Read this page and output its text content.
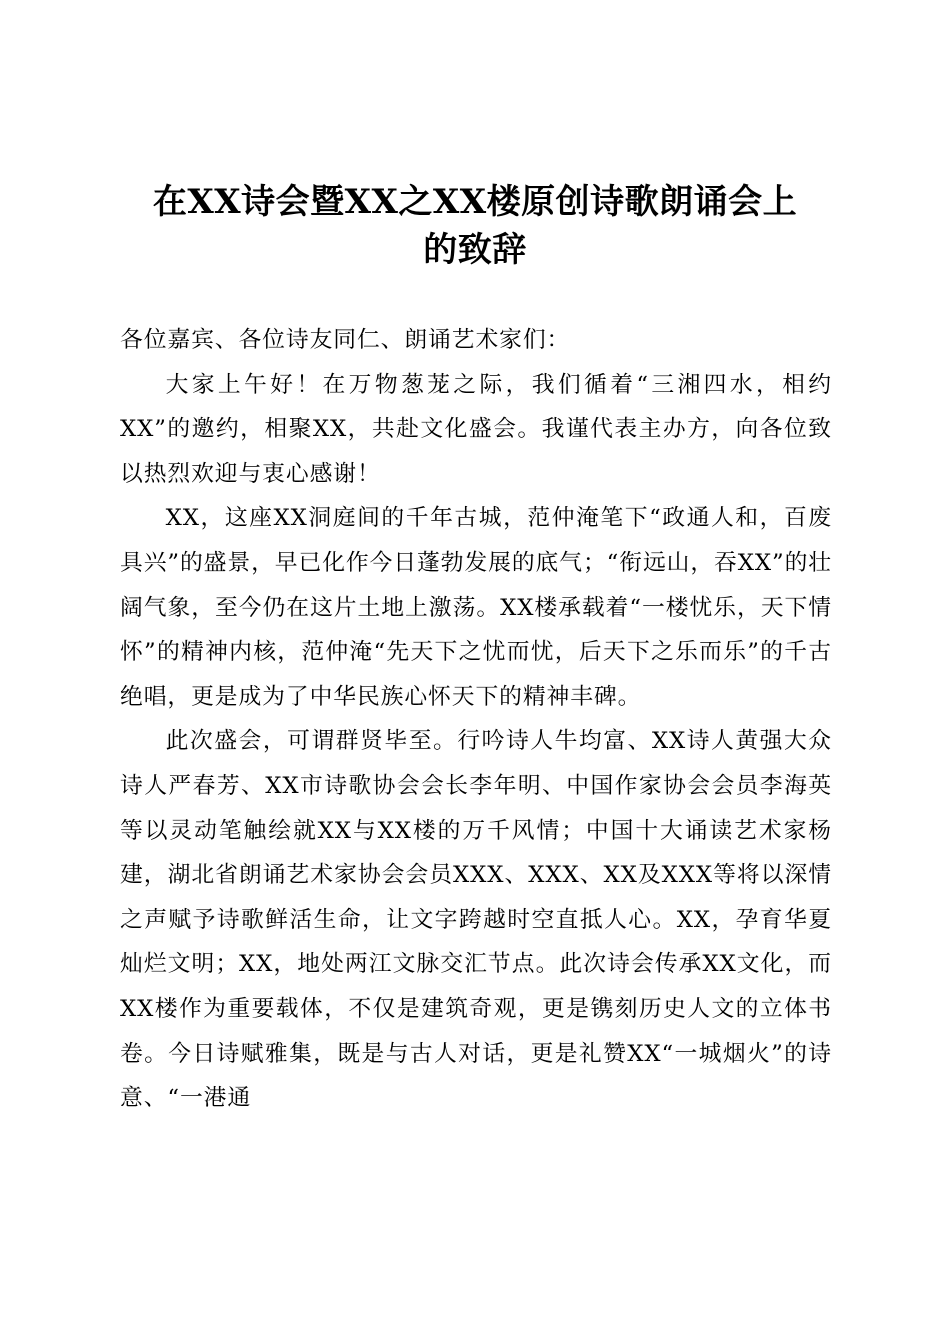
在XX诗会暨XX之XX楼原创诗歌朗诵会上
的致辞

各位嘉宾、各位诗友同仁、朗诵艺术家们：

大家上午好！在万物葱茏之际，我们循着“三湘四水，相约XX”的邀约，相聚XX，共赴文化盛会。我谨代表主办方，向各位致以热烈欢迎与衷心感谢！

XX，这座XX洞庭间的千年古城，范仲淹笔下“政通人和，百废具兴”的盛景，早已化作今日蓬勃发展的底气；“衔远山，吞XX”的壮阔气象，至今仍在这片土地上激荡。XX楼承载着“一楼忧乐，天下情怀”的精神内核，范仲淹“先天下之忧而忧，后天下之乐而乐”的千古绝唱，更是成为了中华民族心怀天下的精神丰碑。

此次盛会，可谓群贤毕至。行吟诗人牛均富、XX诗人黄强大众诗人严春芳、XX市诗歌协会会长李年明、中国作家协会会员李海英等以灵动笔触绘就XX与XX楼的万千风情；中国十大诵读艺术家杨建，湖北省朗诵艺术家协会会员XXX、XXX、XX及XXX等将以深情之声赋予诗歌鲜活生命，让文字跨越时空直抵人心。XX，孕育华夏灿烂文明；XX，地处两江文脉交汇节点。此次诗会传承XX文化，而XX楼作为重要载体，不仅是建筑奇观，更是镌刻历史人文的立体书卷。今日诗赋雅集，既是与古人对话，更是礼赞XX“一城烟火”的诗意、“一港通
